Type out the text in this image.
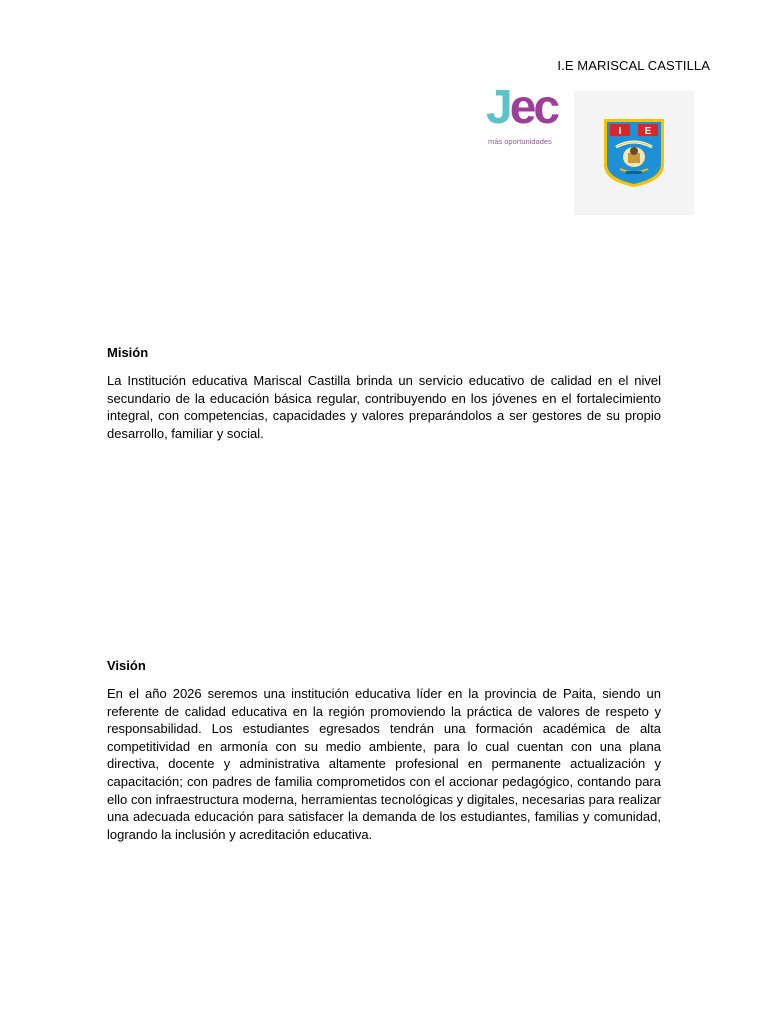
I.E MARISCAL CASTILLA
Jec
más oportunidades
I E
Misión

La Institución educativa Mariscal Castilla brinda un servicio educativo de calidad en el nivel secundario de la educación básica regular, contribuyendo en los jóvenes en el fortalecimiento integral, con competencias, capacidades y valores preparándolos a ser gestores de su propio desarrollo, familiar y social.

Visión

En el año 2026 seremos una institución educativa líder en la provincia de Paita, siendo un referente de calidad educativa en la región promoviendo la práctica de valores de respeto y responsabilidad. Los estudiantes egresados tendrán una formación académica de alta competitividad en armonía con su medio ambiente, para lo cual cuentan con una plana directiva, docente y administrativa altamente profesional en permanente actualización y capacitación; con padres de familia comprometidos con el accionar pedagógico, contando para ello con infraestructura moderna, herramientas tecnológicas y digitales, necesarias para realizar una adecuada educación para satisfacer la demanda de los estudiantes, familias y comunidad, logrando la inclusión y acreditación educativa.
